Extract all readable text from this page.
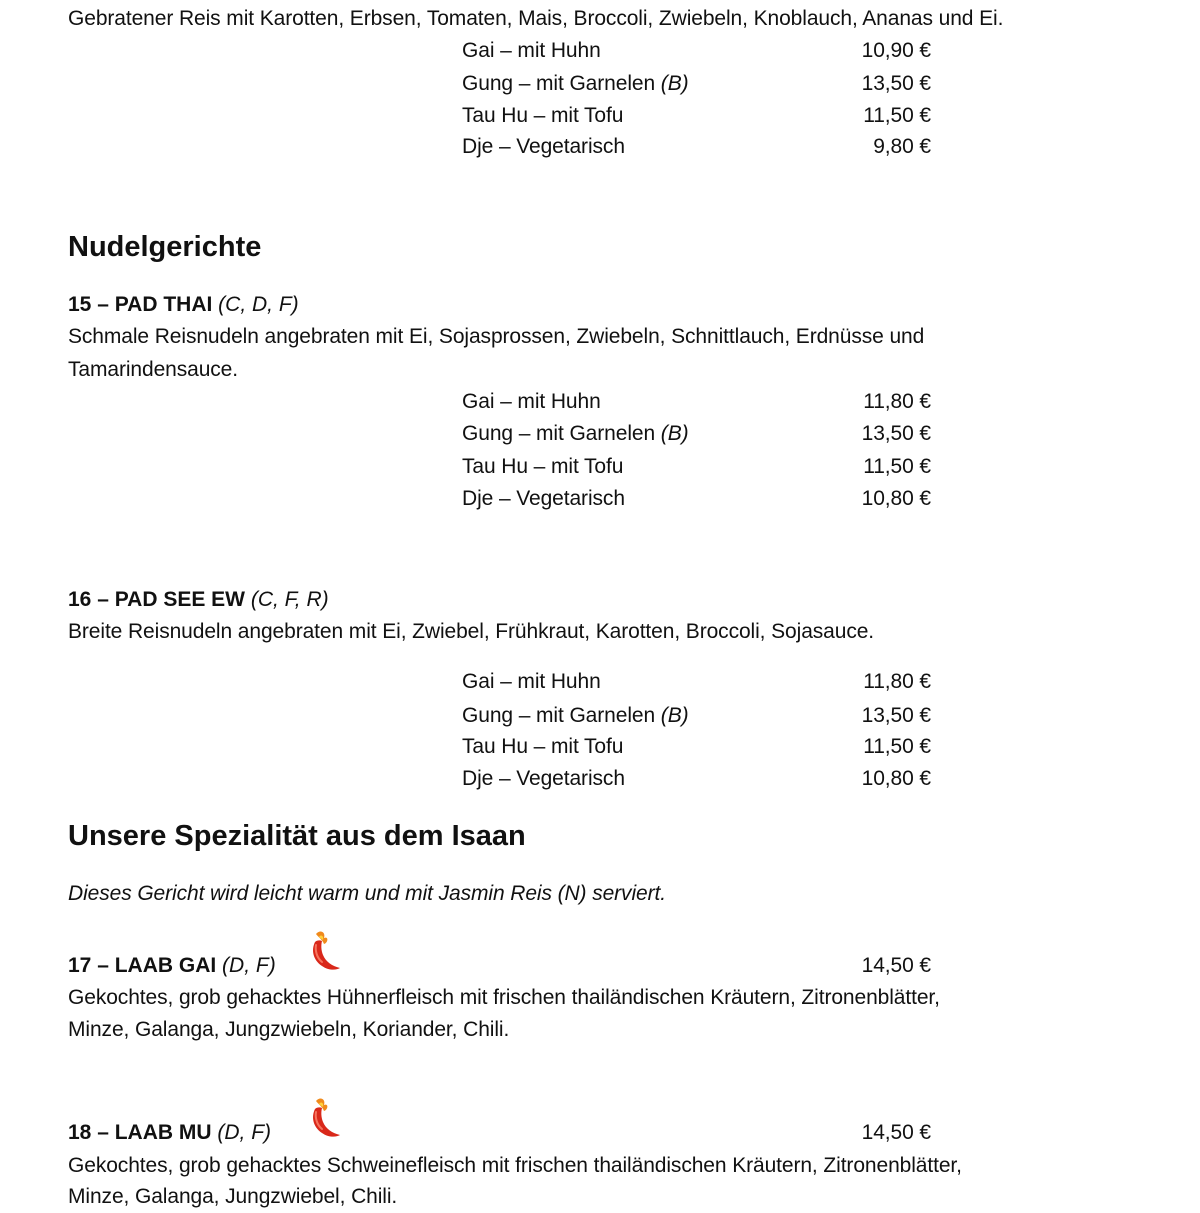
Gebratener Reis mit Karotten, Erbsen, Tomaten, Mais, Broccoli, Zwiebeln, Knoblauch, Ananas und Ei.
Gai – mit Huhn	10,90 €
Gung – mit Garnelen (B)	13,50 €
Tau Hu – mit Tofu	11,50 €
Dje – Vegetarisch	9,80 €
Nudelgerichte
15 – PAD THAI (C, D, F)
Schmale Reisnudeln angebraten mit Ei, Sojasprossen, Zwiebeln, Schnittlauch, Erdnüsse und
Tamarindensauce.
Gai – mit Huhn	11,80 €
Gung – mit Garnelen (B)	13,50 €
Tau Hu – mit Tofu	11,50 €
Dje – Vegetarisch	10,80 €
16 – PAD SEE EW (C, F, R)
Breite Reisnudeln angebraten mit Ei, Zwiebel, Frühkraut, Karotten, Broccoli, Sojasauce.
Gai – mit Huhn	11,80 €
Gung – mit Garnelen (B)	13,50 €
Tau Hu – mit Tofu	11,50 €
Dje – Vegetarisch	10,80 €
Unsere Spezialität aus dem Isaan
Dieses Gericht wird leicht warm und mit Jasmin Reis (N) serviert.
17 – LAAB GAI (D, F)	14,50 €
Gekochtes, grob gehacktes Hühnerfleisch mit frischen thailändischen Kräutern, Zitronenblätter,
Minze, Galanga, Jungzwiebeln, Koriander, Chili.
18 – LAAB MU (D, F)	14,50 €
Gekochtes, grob gehacktes Schweinefleisch mit frischen thailändischen Kräutern, Zitronenblätter,
Minze, Galanga, Jungzwiebel, Chili.
